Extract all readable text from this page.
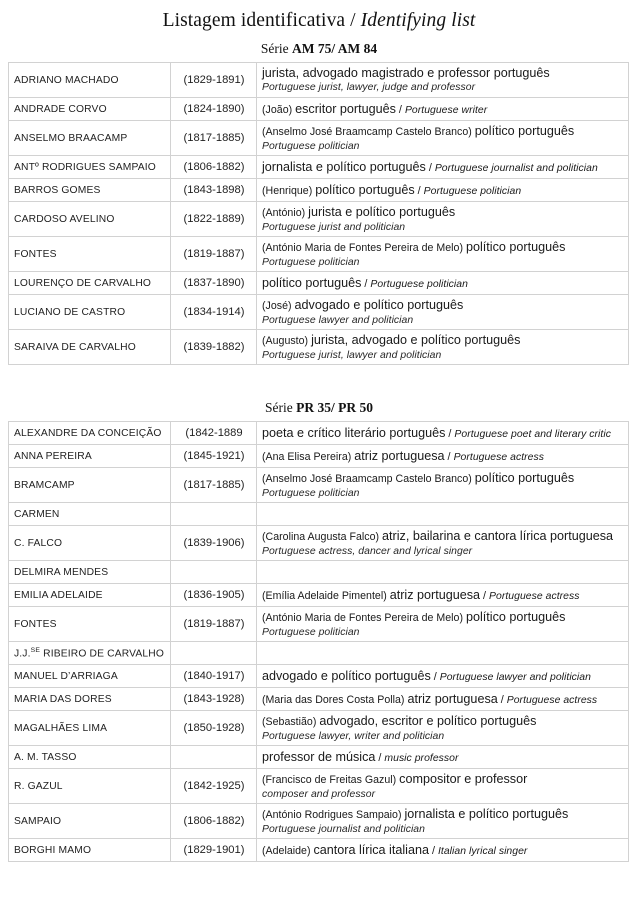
Listagem identificativa / Identifying list
Série AM 75/ AM 84
ADRIANO MACHADO	(1829-1891)	jurista, advogado magistrado e professor português
Portuguese jurist, lawyer, judge and professor

ANDRADE CORVO	(1824-1890)	(João) escritor português / Portuguese writer

ANSELMO BRAACAMP	(1817-1885)	(Anselmo José Braamcamp Castelo Branco) político português
Portuguese politician

ANTº RODRIGUES SAMPAIO	(1806-1882)	jornalista e político português / Portuguese journalist and politician

BARROS GOMES	(1843-1898)	(Henrique) político português / Portuguese politician

CARDOSO AVELINO	(1822-1889)	(António) jurista e político português
Portuguese jurist and politician

FONTES	(1819-1887)	(António Maria de Fontes Pereira de Melo) político português
Portuguese politician

LOURENÇO DE CARVALHO	(1837-1890)	político português / Portuguese politician

LUCIANO DE CASTRO	(1834-1914)	(José) advogado e político português
Portuguese lawyer and politician

SARAIVA DE CARVALHO	(1839-1882)	(Augusto) jurista, advogado e político português
Portuguese jurist, lawyer and politician
Série PR 35/ PR 50
ALEXANDRE DA CONCEIÇÃO	(1842-1889	poeta e crítico literário português / Portuguese poet and literary critic

ANNA PEREIRA	(1845-1921)	(Ana Elisa Pereira) atriz portuguesa / Portuguese actress

BRAMCAMP	(1817-1885)	(Anselmo José Braamcamp Castelo Branco) político português
Portuguese politician

CARMEN		

C. FALCO	(1839-1906)	(Carolina Augusta Falco) atriz, bailarina e cantora lírica portuguesa
Portuguese actress, dancer and lyrical singer

DELMIRA MENDES		

EMILIA ADELAIDE	(1836-1905)	(Emília Adelaide Pimentel) atriz portuguesa / Portuguese actress

FONTES	(1819-1887)	(António Maria de Fontes Pereira de Melo) político português
Portuguese politician

J.J.$^{SE}$ RIBEIRO DE CARVALHO		

MANUEL D’ARRIAGA	(1840-1917)	advogado e político português / Portuguese lawyer and politician

MARIA DAS DORES	(1843-1928)	(Maria das Dores Costa Polla) atriz portuguesa / Portuguese actress

MAGALHÃES LIMA	(1850-1928)	(Sebastião) advogado, escritor e político português
Portuguese lawyer, writer and politician

A. M. TASSO		professor de música / music professor

R. GAZUL	(1842-1925)	(Francisco de Freitas Gazul) compositor e professor
composer and professor

SAMPAIO	(1806-1882)	(António Rodrigues Sampaio) jornalista e político português
Portuguese journalist and politician

BORGHI MAMO	(1829-1901)	(Adelaide) cantora lírica italiana / Italian lyrical singer
